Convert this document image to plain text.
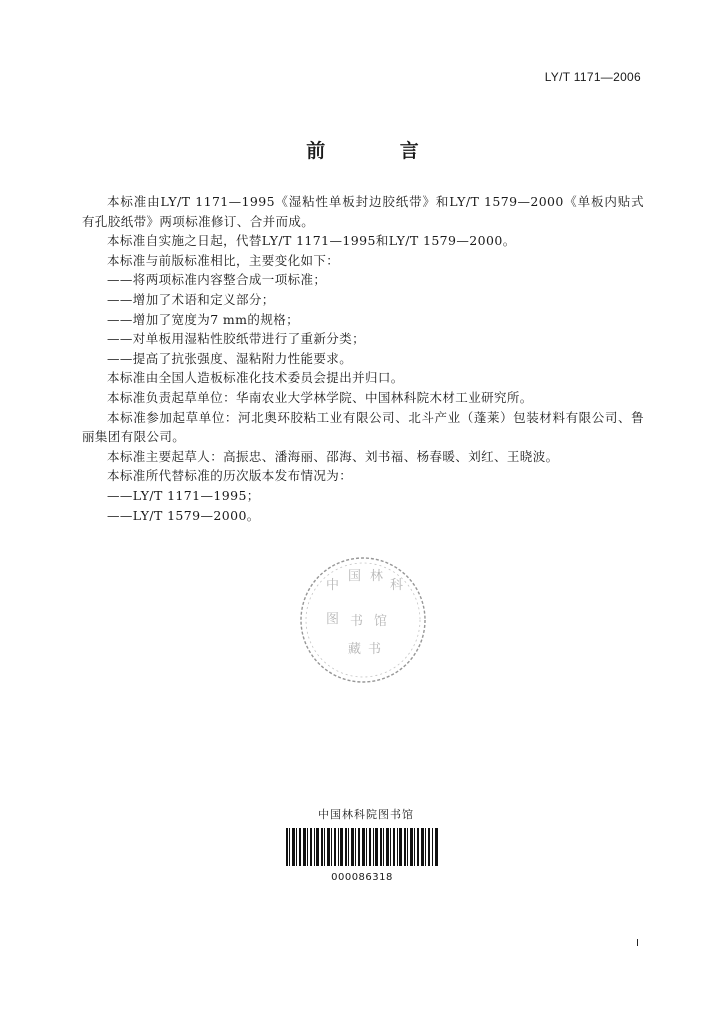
LY/T 1171—2006
前 言

本标准由LY/T 1171—1995《湿粘性单板封边胶纸带》和LY/T 1579—2000《单板内贴式有孔胶纸带》两项标准修订、合并而成。

本标准自实施之日起，代替LY/T 1171—1995和LY/T 1579—2000。

本标准与前版标准相比，主要变化如下：

——将两项标准内容整合成一项标准；

——增加了术语和定义部分；

——增加了宽度为7 mm的规格；

——对单板用湿粘性胶纸带进行了重新分类；

——提高了抗张强度、湿粘附力性能要求。

本标准由全国人造板标准化技术委员会提出并归口。

本标准负责起草单位：华南农业大学林学院、中国林科院木材工业研究所。

本标准参加起草单位：河北奥环胶粘工业有限公司、北斗产业（蓬莱）包装材料有限公司、鲁丽集团有限公司。

本标准主要起草人：高振忠、潘海丽、邵海、刘书福、杨春暖、刘红、王晓波。

本标准所代替标准的历次版本发布情况为：

——LY/T 1171—1995；

——LY/T 1579—2000。

中
国 林
科
图 书 馆
藏 书
中国林科院图书馆
000086318
I
